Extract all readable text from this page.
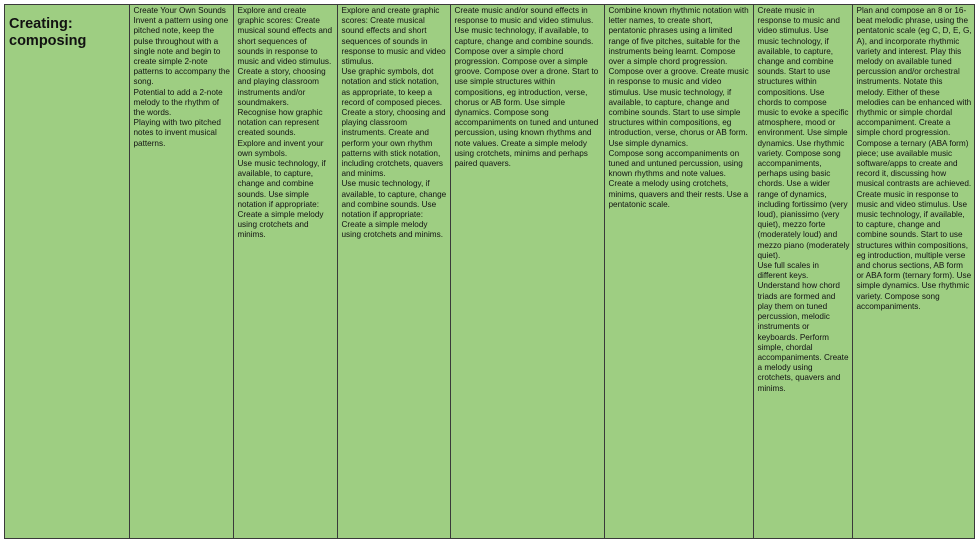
Creating:
composing

	Create Your Own Sounds Invent a pattern using one pitched note, keep the pulse throughout with a single note and begin to create simple 2-note patterns to accompany the song.
Potential to add a 2-note melody to the rhythm of the words.
Playing with two pitched notes to invent musical patterns.	Explore and create graphic scores: Create musical sound effects and short sequences of sounds in response to music and video stimulus. Create a story, choosing and playing classroom instruments and/or soundmakers.
Recognise how graphic notation can represent created sounds.
Explore and invent your own symbols.
Use music technology, if available, to capture, change and combine sounds. Use simple notation if appropriate: Create a simple melody using crotchets and minims.	Explore and create graphic scores: Create musical sound effects and short sequences of sounds in response to music and video stimulus.
Use graphic symbols, dot notation and stick notation, as appropriate, to keep a record of composed pieces. Create a story, choosing and playing classroom instruments. Create and perform your own rhythm patterns with stick notation, including crotchets, quavers and minims.
Use music technology, if available, to capture, change and combine sounds. Use notation if appropriate: Create a simple melody using crotchets and minims.	Create music and/or sound effects in response to music and video stimulus. Use music technology, if available, to capture, change and combine sounds. Compose over a simple chord progression. Compose over a simple groove. Compose over a drone. Start to use simple structures within compositions, eg introduction, verse, chorus or AB form. Use simple dynamics. Compose song accompaniments on tuned and untuned percussion, using known rhythms and note values. Create a simple melody using crotchets, minims and perhaps paired quavers.	Combine known rhythmic notation with letter names, to create short, pentatonic phrases using a limited range of five pitches, suitable for the instruments being learnt. Compose over a simple chord progression. Compose over a groove. Create music in response to music and video stimulus. Use music technology, if available, to capture, change and combine sounds. Start to use simple structures within compositions, eg introduction, verse, chorus or AB form.
Use simple dynamics.
Compose song accompaniments on tuned and untuned percussion, using known rhythms and note values. Create a melody using crotchets, minims, quavers and their rests. Use a pentatonic scale.	Create music in response to music and video stimulus. Use music technology, if available, to capture, change and combine sounds. Start to use structures within compositions. Use chords to compose music to evoke a specific atmosphere, mood or environment. Use simple dynamics. Use rhythmic variety. Compose song accompaniments, perhaps using basic chords. Use a wider range of dynamics, including fortissimo (very loud), pianissimo (very quiet), mezzo forte (moderately loud) and mezzo piano (moderately quiet).
Use full scales in different keys. Understand how chord triads are formed and play them on tuned percussion, melodic instruments or keyboards. Perform simple, chordal accompaniments. Create a melody using crotchets, quavers and minims.	Plan and compose an 8 or 16-beat melodic phrase, using the pentatonic scale (eg C, D, E, G, A), and incorporate rhythmic variety and interest. Play this melody on available tuned percussion and/or orchestral instruments. Notate this melody. Either of these melodies can be enhanced with rhythmic or simple chordal accompaniment. Create a simple chord progression. Compose a ternary (ABA form) piece; use available music software/apps to create and record it, discussing how musical contrasts are achieved. Create music in response to music and video stimulus. Use music technology, if available, to capture, change and combine sounds. Start to use structures within compositions, eg introduction, multiple verse and chorus sections, AB form or ABA form (ternary form). Use simple dynamics. Use rhythmic variety. Compose song accompaniments.
